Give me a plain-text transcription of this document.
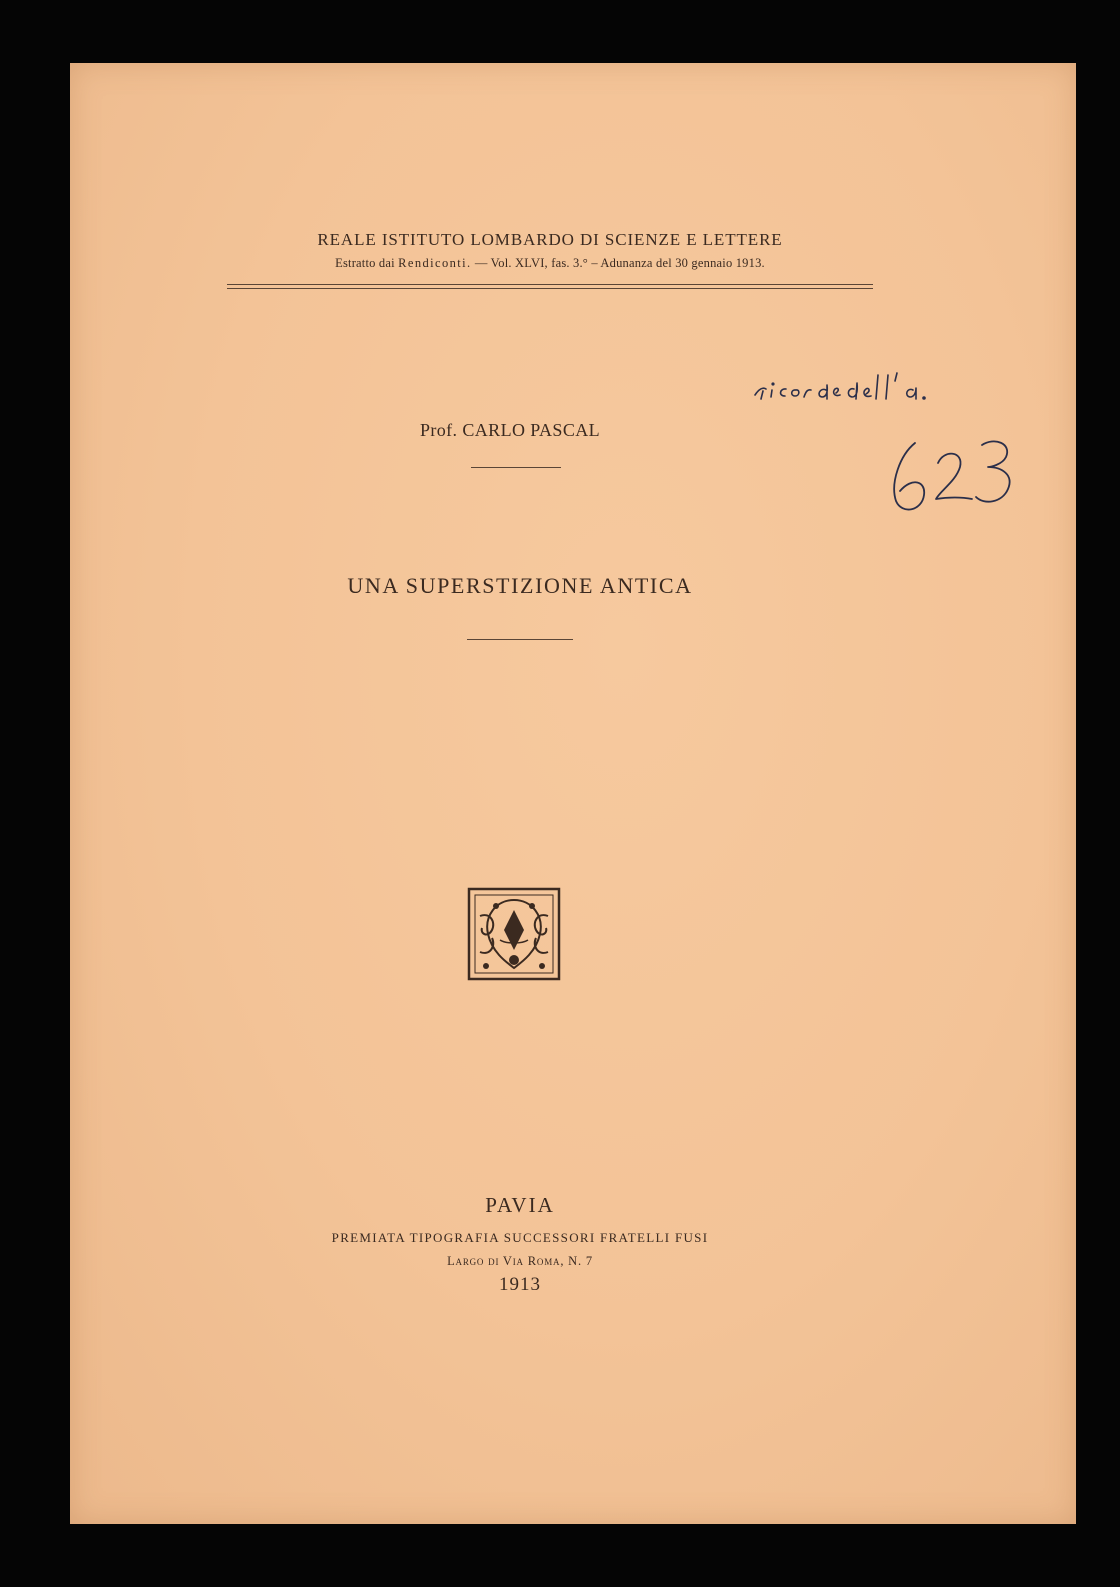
REALE ISTITUTO LOMBARDO DI SCIENZE E LETTERE
Estratto dai Rendiconti. — Vol. XLVI, fas. 3.° – Adunanza del 30 gennaio 1913.
Prof. CARLO PASCAL
UNA SUPERSTIZIONE ANTICA
PAVIA
PREMIATA TIPOGRAFIA SUCCESSORI FRATELLI FUSI
Largo di Via Roma, N. 7
1913
